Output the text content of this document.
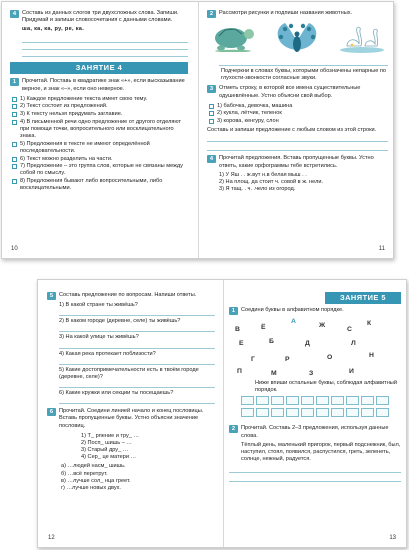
4	Составь из данных слогов три двухсложных слова. Запиши. Придумай и запиши словосочетания с данными словами.
ша, ка, ка, ру, ре, ка.
ЗАНЯТИЕ 4
1	Прочитай. Поставь в квадратике знак «+», если высказывание верное, и знак «–», если оно неверное.
1) Каждое предложение текста имеет свою тему.
2) Текст состоит из предложений.
3) К тексту нельзя придумать заглавие.
4) В письменной речи одно предложение от другого отделяют при помощи точки, вопросительного или восклицательного знака.
5) Предложения в тексте не имеют определённой последовательности.
6) Текст можно разделить на части.
7) Предложение – это группа слов, которые не связаны между собой по смыслу.
8) Предложения бывают либо вопросительными, либо восклицательными.
10
2	Рассмотри рисунки и подпиши названия животных.
Подчеркни в словах буквы, которыми обозначены непарные по глухости-звонкости согласные звуки.
3	Отметь строку, в которой все имена существительные одушевлённые. Устно объясни свой выбор.
1) бабочка, девочка, машина
2) кукла, лётчик, теленок
3) корова, кенгуру, слон
Составь и запиши предложение с любым словом из этой строки.
4	Прочитай предложения. Вставь пропущенные буквы. Устно ответь, какие орфограммы тебе встретились.
1) У Яш . . ж.вут н.в белая мыш . .
2) На площ. да стоит ч. совой в ж. нели.
3) Я тащ. . ч. .чело из огород.
11
5	Составь предложение по вопросам. Напиши ответы.
1) В какой стране ты живёшь?
2) В каком городе (деревне, селе) ты живёшь?
3) На какой улице ты живёшь?
4) Какая река протекает поблизости?
5) Какие достопримечательности есть в твоём городе (деревне, селе)?
6) Какие кружки или секции ты посещаешь?
6	Прочитай. Соедини линией начало и конец пословицы. Вставь пропущенные буквы. Устно объясни значение пословиц.
1) Т_ рпение и тру_ …
2) Посп_ шишь – …
3) Старый дру_ …
4) Сер_ це матери …
а) …людей насм_ шишь.
б) …всё перетрут.
в) …лучше сол_ нца греет.
г) …лучше новых двух.
12
ЗАНЯТИЕ 5
1	Соедини буквы в алфавитном порядке.
В	Ё
А
Ж
С
К
Е	Б	Д	Л
Г	Р	О	Н
П	М	З	И
Ниже впиши остальные буквы, соблюдая алфавитный порядок.
2	Прочитай. Составь 2–3 предложения, используя данные слова.
Тёплый день, маленький пригорок, первый подснежник, был, наступил, стоял, появился, распустился, греть, зеленеть, солнце, нежный, радуется.
13
